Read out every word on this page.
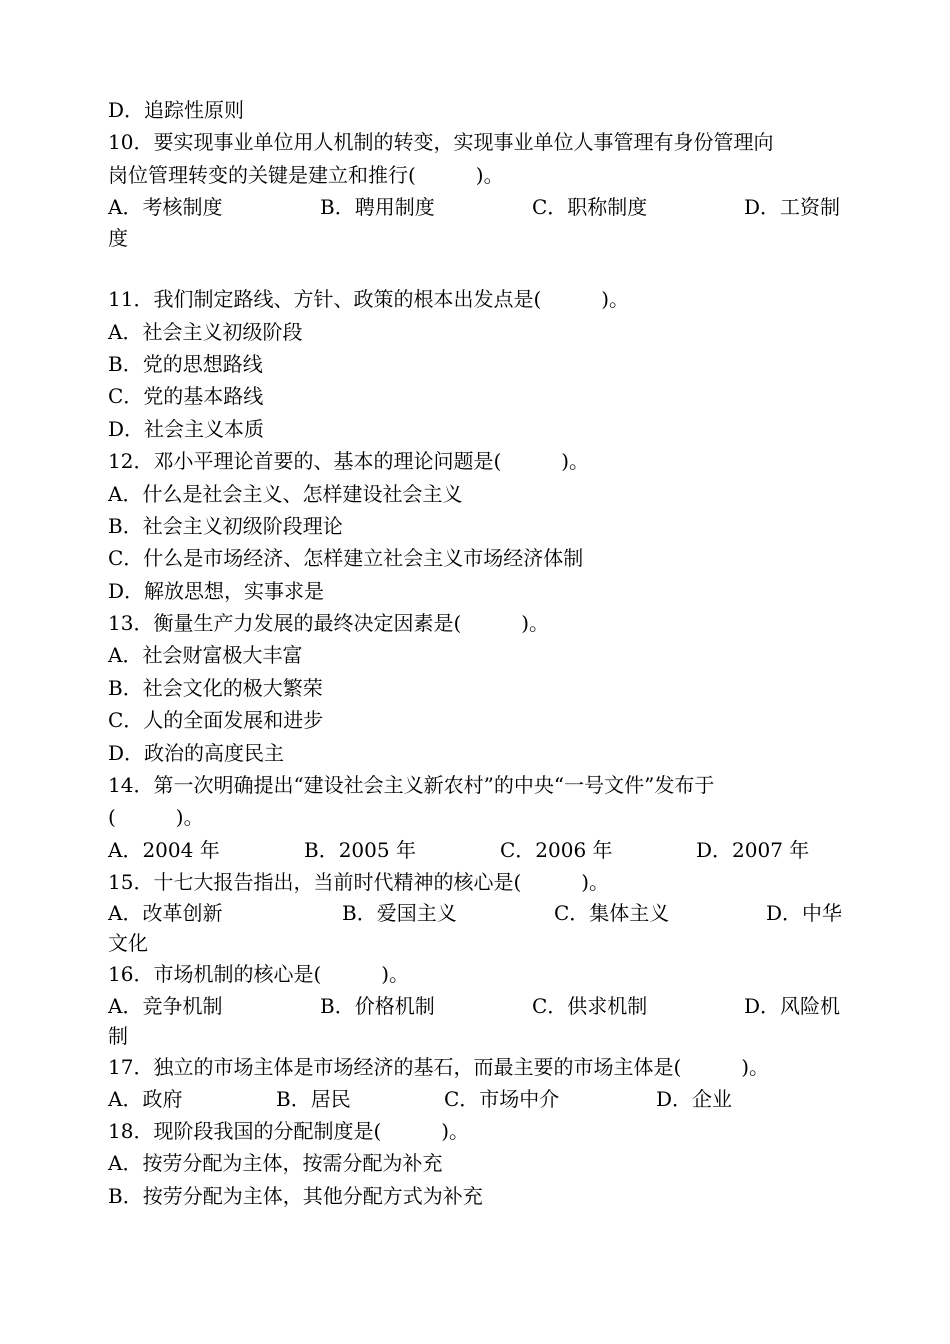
D．追踪性原则
10．要实现事业单位用人机制的转变，实现事业单位人事管理有身份管理向
岗位管理转变的关键是建立和推行(　　　)。
A．考核制度	B．聘用制度	C．职称制度	D．工资制
度
11．我们制定路线、方针、政策的根本出发点是(　　　)。
A．社会主义初级阶段
B．党的思想路线
C．党的基本路线
D．社会主义本质
12．邓小平理论首要的、基本的理论问题是(　　　)。
A．什么是社会主义、怎样建设社会主义
B．社会主义初级阶段理论
C．什么是市场经济、怎样建立社会主义市场经济体制
D．解放思想，实事求是
13．衡量生产力发展的最终决定因素是(　　　)。
A．社会财富极大丰富
B．社会文化的极大繁荣
C．人的全面发展和进步
D．政治的高度民主
14．第一次明确提出“建设社会主义新农村”的中央“一号文件”发布于
(　　　)。
A．2004 年	B．2005 年	C．2006 年	D．2007 年
15．十七大报告指出，当前时代精神的核心是(　　　)。
A．改革创新	B．爱国主义	C．集体主义	D．中华
文化
16．市场机制的核心是(　　　)。
A．竞争机制	B．价格机制	C．供求机制	D．风险机
制
17．独立的市场主体是市场经济的基石，而最主要的市场主体是(　　　)。
A．政府	B．居民	C．市场中介	D．企业
18．现阶段我国的分配制度是(　　　)。
A．按劳分配为主体，按需分配为补充
B．按劳分配为主体，其他分配方式为补充
